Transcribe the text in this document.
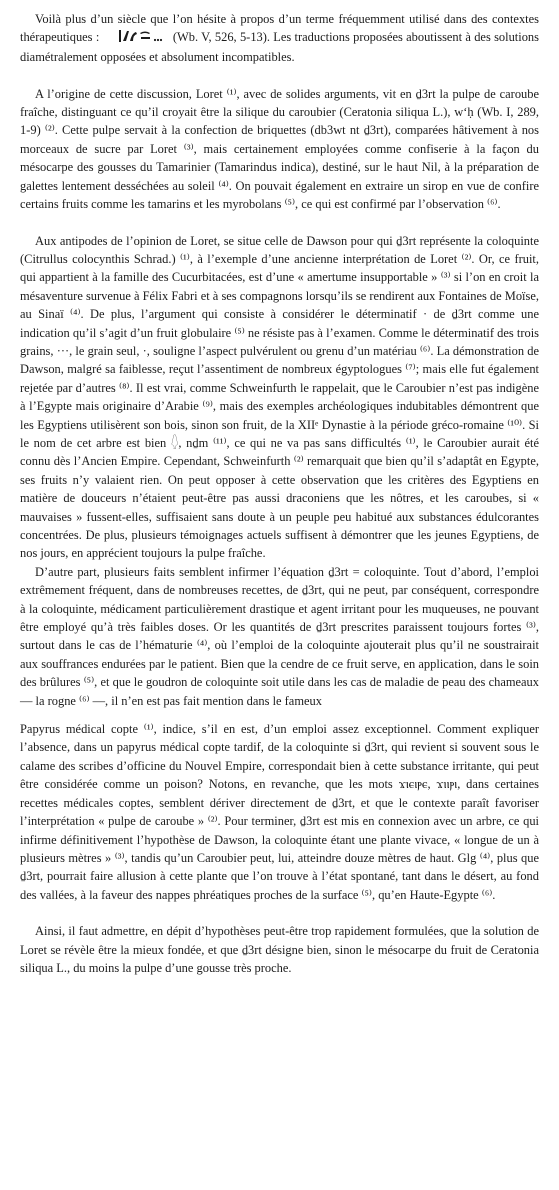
Voilà plus d’un siècle que l’on hésite à propos d’un terme fréquemment utilisé dans des contextes thérapeutiques :	(Wb. V, 526, 5-13). Les traductions proposées aboutissent à des solutions diamétralement opposées et absolument incompatibles.

A l’origine de cette discussion, Loret ⁽¹⁾, avec de solides arguments, vit en ḏ3rt la pulpe de caroube fraîche, distinguant ce qu’il croyait être la silique du caroubier (Ceratonia siliqua L.), w‘ḥ (Wb. I, 289, 1-9) ⁽²⁾. Cette pulpe servait à la confection de briquettes (db3wt nt ḏ3rt), comparées hâtivement à nos morceaux de sucre par Loret ⁽³⁾, mais certainement employées comme confiserie à la façon du mésocarpe des gousses du Tamarinier (Tamarindus indica), destiné, sur le haut Nil, à la préparation de galettes lentement desséchées au soleil ⁽⁴⁾. On pouvait également en extraire un sirop en vue de confire certains fruits comme les tamarins et les myrobolans ⁽⁵⁾, ce qui est confirmé par l’observation ⁽⁶⁾.

Aux antipodes de l’opinion de Loret, se situe celle de Dawson pour qui ḏ3rt représente la coloquinte (Citrullus colocynthis Schrad.) ⁽¹⁾, à l’exemple d’une ancienne interprétation de Loret ⁽²⁾. Or, ce fruit, qui appartient à la famille des Cucurbitacées, est d’une « amertume insupportable » ⁽³⁾ si l’on en croit la mésaventure survenue à Félix Fabri et à ses compagnons lorsqu’ils se rendirent aux Fontaines de Moïse, au Sinaï ⁽⁴⁾. De plus, l’argument qui consiste à considérer le déterminatif · de ḏ3rt comme une indication qu’il s’agit d’un fruit globulaire ⁽⁵⁾ ne résiste pas à l’examen. Comme le déterminatif des trois grains, ···, le grain seul, ·, souligne l’aspect pulvérulent ou grenu d’un matériau ⁽⁶⁾. La démonstration de Dawson, malgré sa faiblesse, reçut l’assentiment de nombreux égyptologues ⁽⁷⁾; mais elle fut également rejetée par d’autres ⁽⁸⁾. Il est vrai, comme Schweinfurth le rappelait, que le Caroubier n’est pas indigène à l’Egypte mais originaire d’Arabie ⁽⁹⁾, mais des exemples archéologiques indubitables démontrent que les Egyptiens utilisèrent son bois, sinon son fruit, de la XIIᵉ Dynastie à la période gréco-romaine ⁽¹⁰⁾. Si le nom de cet arbre est bien 𓆭, nḏm ⁽¹¹⁾, ce qui ne va pas sans difficultés ⁽¹⁾, le Caroubier aurait été connu dès l’Ancien Empire. Cependant, Schweinfurth ⁽²⁾ remarquait que bien qu’il s’adaptât en Egypte, ses fruits n’y valaient rien. On peut opposer à cette observation que les critères des Egyptiens en matière de douceurs n’étaient peut-être pas aussi draconiens que les nôtres, et les caroubes, si « mauvaises » fussent-elles, suffisaient sans doute à un peuple peu habitué aux substances édulcorantes concentrées. De plus, plusieurs témoignages actuels suffisent à démontrer que les jeunes Egyptiens, de nos jours, en apprécient toujours la pulpe fraîche.

D’autre part, plusieurs faits semblent infirmer l’équation ḏ3rt = coloquinte. Tout d’abord, l’emploi extrêmement fréquent, dans de nombreuses recettes, de ḏ3rt, qui ne peut, par conséquent, correspondre à la coloquinte, médicament particulièrement drastique et agent irritant pour les muqueuses, ne pouvant être employé qu’à très faibles doses. Or les quantités de ḏ3rt prescrites paraissent toujours fortes ⁽³⁾, surtout dans le cas de l’hématurie ⁽⁴⁾, où l’emploi de la coloquinte ajouterait plus qu’il ne soustrairait aux souffrances endurées par le patient. Bien que la cendre de ce fruit serve, en application, dans le soin des brûlures ⁽⁵⁾, et que le goudron de coloquinte soit utile dans les cas de maladie de peau des chameaux — la rogne ⁽⁶⁾ —, il n’en est pas fait mention dans le fameux

Papyrus médical copte ⁽¹⁾, indice, s’il en est, d’un emploi assez exceptionnel. Comment expliquer l’absence, dans un papyrus médical copte tardif, de la coloquinte si ḏ3rt, qui revient si souvent sous le calame des scribes d’officine du Nouvel Empire, correspondait bien à cette substance irritante, qui peut être considérée comme un poison? Notons, en revanche, que les mots ϫⲓⲉⲓⲣⲉ, ϫⲓⲓⲣⲓ, dans certaines recettes médicales coptes, semblent dériver directement de ḏ3rt, et que le contexte paraît favoriser l’interprétation « pulpe de caroube » ⁽²⁾. Pour terminer, ḏ3rt est mis en connexion avec un arbre, ce qui infirme définitivement l’hypothèse de Dawson, la coloquinte étant une plante vivace, « longue de un à plusieurs mètres » ⁽³⁾, tandis qu’un Caroubier peut, lui, atteindre douze mètres de haut. Glg ⁽⁴⁾, plus que ḏ3rt, pourrait faire allusion à cette plante que l’on trouve à l’état spontané, tant dans le désert, au fond des vallées, à la faveur des nappes phréatiques proches de la surface ⁽⁵⁾, qu’en Haute-Egypte ⁽⁶⁾.

Ainsi, il faut admettre, en dépit d’hypothèses peut-être trop rapidement formulées, que la solution de Loret se révèle être la mieux fondée, et que ḏ3rt désigne bien, sinon le mésocarpe du fruit de Ceratonia siliqua L., du moins la pulpe d’une gousse très proche.
